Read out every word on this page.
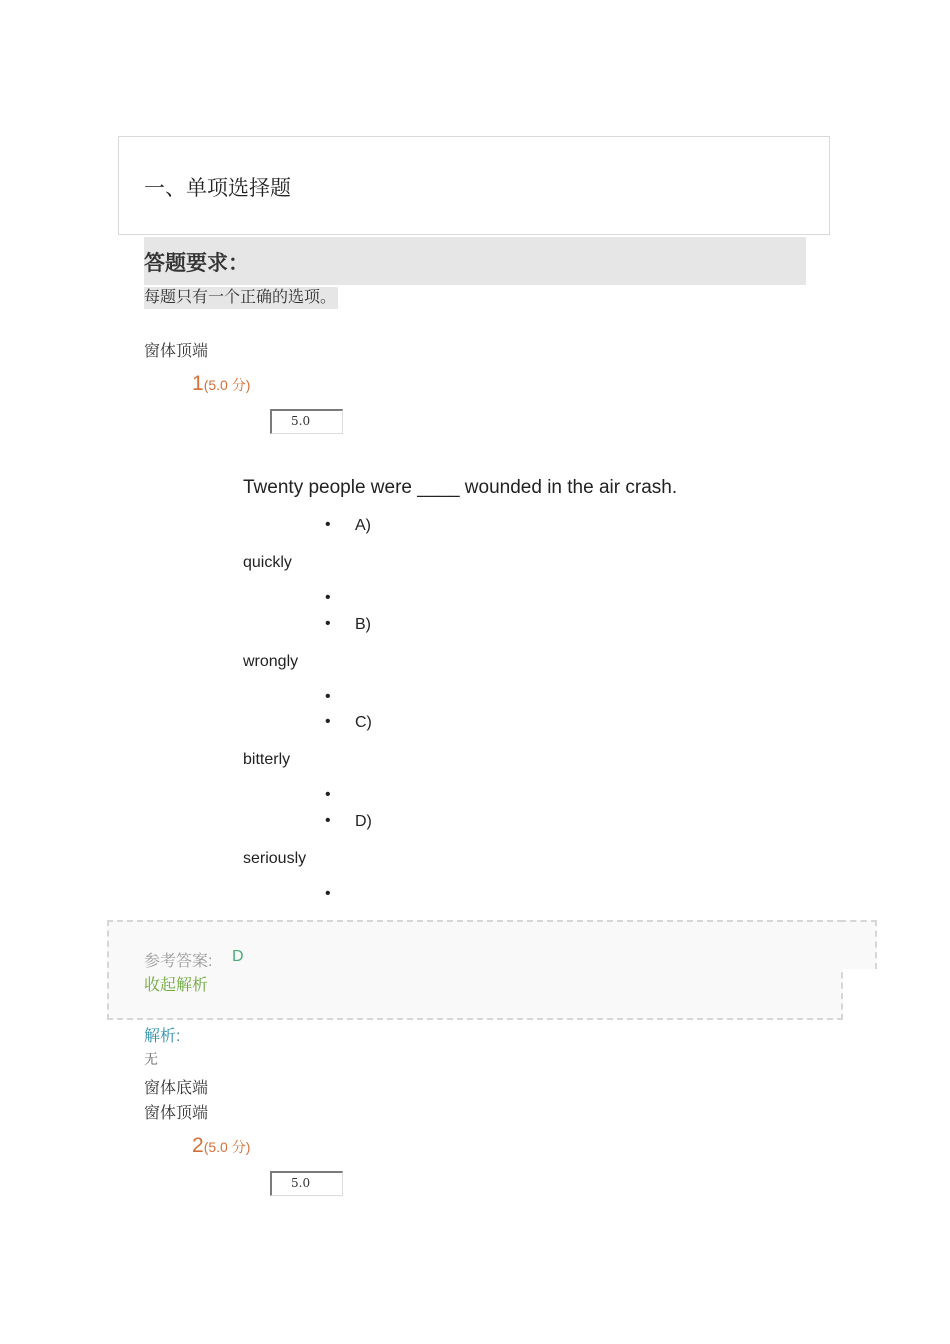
一、单项选择题
答题要求：
每题只有一个正确的选项。
窗体顶端
1(5.0 分)
5.0
Twenty people were ____ wounded in the air crash.
• A)
quickly
•
• B)
wrongly
•
• C)
bitterly
•
• D)
seriously
•
参考答案: D
收起解析
解析:
无
窗体底端
窗体顶端
2(5.0 分)
5.0
